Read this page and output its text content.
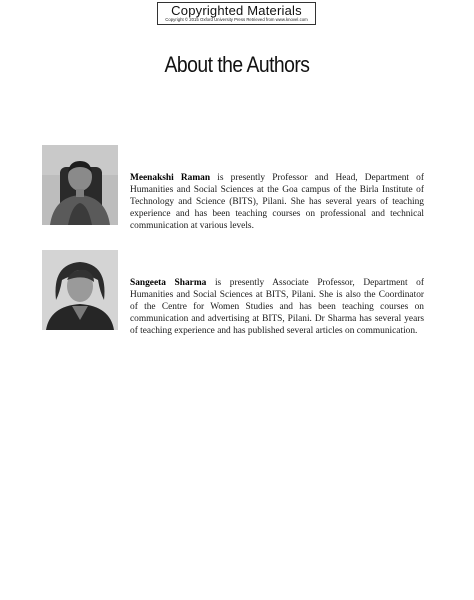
Copyrighted Materials
Copyright © 2015 Oxford University Press Retrieved from www.knovel.com
About the Authors

Meenakshi Raman is presently Professor and Head, Department of Humanities and Social Sciences at the Goa campus of the Birla Institute of Technology and Science (BITS), Pilani. She has several years of teaching experience and has been teaching courses on professional and technical communication at various levels.

Sangeeta Sharma is presently Associate Professor, Department of Humanities and Social Sciences at BITS, Pilani. She is also the Coordinator of the Centre for Women Studies and has been teaching courses on communication and advertising at BITS, Pilani. Dr Sharma has several years of teaching experience and has published several articles on communication.
